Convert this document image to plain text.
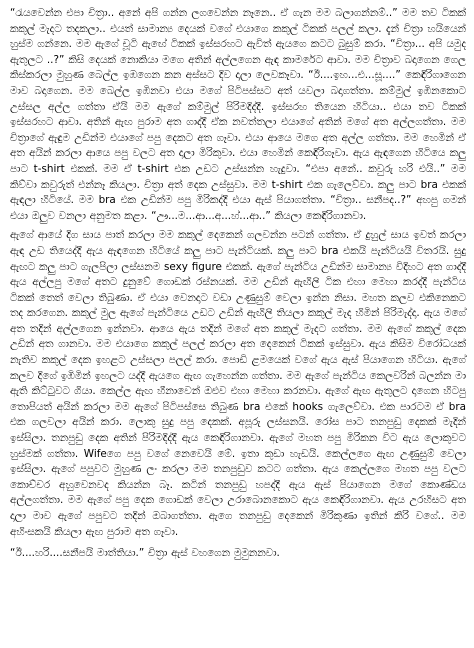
“රැයවෙන්න එපා චිත්‍රා.. අනේ අපි ගන්න ලගවෙන්න නෑනෙ.. ඒ ගැන මම බලාගන්නම්..” මම තව ටිකක් කකුල් මැදට තදකලා.. එයත් සාමාන්‍ය දෙයක් වගේ එයාගෙ කකුල් ටිකක් පලල් කලා. දැන් චිත්‍රා හයියෙන් හුස්ම ගන්නෙ. මම ඇගේ චූටි ඇඟේ ටිකක් ඉස්සරහට ඇවිත් ඇයගෙ කටට බුසුම් කරා. “චිත්‍රා... අපි යමුද ඇතුලට ..?” කිසි දෙයක් නොකියා මගෙ අතින් අල්ලගෙන ඇඳ කාමරේට ආවා. මම චිත්‍රාව බදාගෙන ගෙල කිස්කරලා මුහුණ බෙල්ල ඉඹගෙන කන අස්සට දිව දාලා ලෙවකෑවා. “ඊ....ඉහ...එ...සූ....” කෙඳිරිගාගෙන මාව බදාගෙන. මම බෙල්ල ඉඹිනවා එයා මගේ පිටිපස්සට අත් යවලා බදාගත්තා. කම්මුල් ඉඹිනකොට උස්සල අල්ල ගත්තා ඒයි මම ඇගේ කම්මුල් පිරිමදිද්දී. ඉස්සරහ තියෙන හිටියා.. එයා තව ටිකක් ඉස්සරහට ආවා. අතින් ඇඟ පුරාම අත ගාද්දී ඒක නවත්තලා එයාගේ අතින් මගේ අත අල්ලගත්තා. මම චිත්‍රාගේ ඇඳුම උඩින්ම එයාගේ පපු දෙකට අත ගෑවා. එයා ආයෙ මගෙ අත අල්ල ගත්තා. මම හෙමින් ඒ අත අයින් කරලා ආයෙ පපු වලට අත දාලා මිරිකුවා. එයා හෙමින් කෙඳිරිගෑවා. ඇය ඇඳගෙන හිටියෙ කලු පාට t-shirt එකක්. මම ඒ t-shirt එක උඩට උස්සන්න හැදුවා. “එපා අනේ.. කවුරු හරි එයි..” මම කිව්වා කවුරුත් එන්නෑ කියලා. චිත්‍රා අත් දෙක උස්සුවා. මම t-shirt එක ගැලෙව්වා. කලු පාට bra එකක් ඇඳලා හිටියේ. මම bra එක උඩින්ම පපු මිරිකද්දී එයා ඇස් පියාගත්තා. “චිත්‍රා.. සනීපද..?” අහපු ගමන් එයා ඔලුව වනලා අනුමත කළා. “ඌ...ම...ආ...අ...හ්...ආ..” කියලා කෙඳිරිගානවා.

ඇගේ ආයේ දිග සාය පාත් කරලා මම කකුල් දෙකෙන් ගලවන්න පටන් ගත්තා. ඒ දුහුල් සාය ඉවත් කරලා ඇඳ උඩ තියෙද්දී ඇය ඇඳගෙන හිටියේ කලු පාට පැන්ටියක්. කලු පාට bra එකයි පැන්ටියයි විතරයි. සුදු ඇඟට කලු පාට ගැලපිලා ලස්සනම sexy figure එකක්. ඇගේ පැන්ටිය උඩින්ම සාමාන්‍ය විදිහට අත ගාද්දී ඇය අල්ලපු මගේ අතට දුනුවේ ගොඩක් රස්නයක්. මම උඩින් ඇඟිලි ටික එහා මෙහා කරද්දී පැන්ටිය ටිකක් තෙත් වෙලා තිබුණා. ඒ එයා වෙනදාට වඩා උණුසුම් වෙලා ඉන්න නිසා. මහත කලව එකිනෙකට තද කරගෙන. කකුල් මුල ඇගේ පැන්ටියෙ උඩට උඩින් ඇඟිලි තියලා කකුල් මැද හිමින් පිරිමැද්දා. ඇය මගේ අත තදින් අල්ලගෙන ඉන්නවා. ආයෙ ඇය තදින් මගේ අත කකුල් මැදට ගත්තා. මම ඇගේ කකුල් දෙක උඩින් අත ගානවා. මම එයාගෙ කකුල් පලල් කරලා අත දෙකෙන් ටිකක් ඉස්සුවා. ඇය කිසිම විරෝධයක් නැතිව කකුල් දෙක ඉහළට උස්සලා පලල් කරා. පොඩි ළමයෙක් වගේ ඇය ඇස් පියාගෙන හිටියා. ඇගේ කලව දිගේ ඉඹිමින් ඉහලට යද්දී ඇයගෙ ඇඟ ගැහෙන්න ගත්තා. මම ඇගේ පැන්ටිය කෙලවරින් බලන්න මා ඇති කිට්ටුවට ගියා. කෙල්ල ඇඟ හීනාවෙන් ඔළුව එහා මෙහා කරනවා. ඇගේ ඇඟ ඇතුලට දාගෙන හිටපු තොපියත් අයින් කරලා මම ඇගේ පිටිපස්සෙ තිබුණ bra එකේ hooks ගැලෙව්වා. එක පාරටම ඒ bra එක ගලවලා අයින් කරා. ලොකු සුදු පපු දෙකක්. අපූරු ලස්සනයි. රෝස පාට තනපුඩු දෙකක් මැදින් ඉස්සිලා. තනපුඩු දෙක අතින් පිරිමදිද්දී ඇය කෙඳිරිගානවා. ඇගේ මහත පපු මිරිකන විට ඇය ලොකුවට හුස්මක් ගත්තා. Wifeගෙ පපු වගේ නෙවෙයි මේ. ඉතා කුඩා හැඩයි. කෙල්ලගෙ ඇඟ උණුසුම් වෙලා ඉස්සිලා. ඇගේ පපුවට මුහුණ ලං කරලා මම තනපුඩුව කටට ගත්තා. ඇය කෙල්ලගෙ මහත පපු වලට කොච්චර අහුවෙනවද කියන්න බෑ. කටින් තනපුඩු හපද්දී ඇය ඇස් පියාගෙන මගේ කොණ්ඩය අල්ලගත්තා. මම ඇගේ පපු දෙක ගොඩක් වෙලා උරාබොනකොට ඇය කෙඳිරිගානවා. ඇය උරහිසට අත දාලා මාව ඇගේ පපුවට තදින් ඔබාගත්තා. ඇගෙ තනපුඩු දෙකෙන් මිරිකුණා ඉතින් කිරි වගේ.. මම අහිංසකයි කියලා ඇඟ පුරාම අත ගෑවා.

“ඊ....හරි....සනීපයි මාත්තියා.” චිත්‍රා ඇස් වහගෙන මුමුනනවා.
